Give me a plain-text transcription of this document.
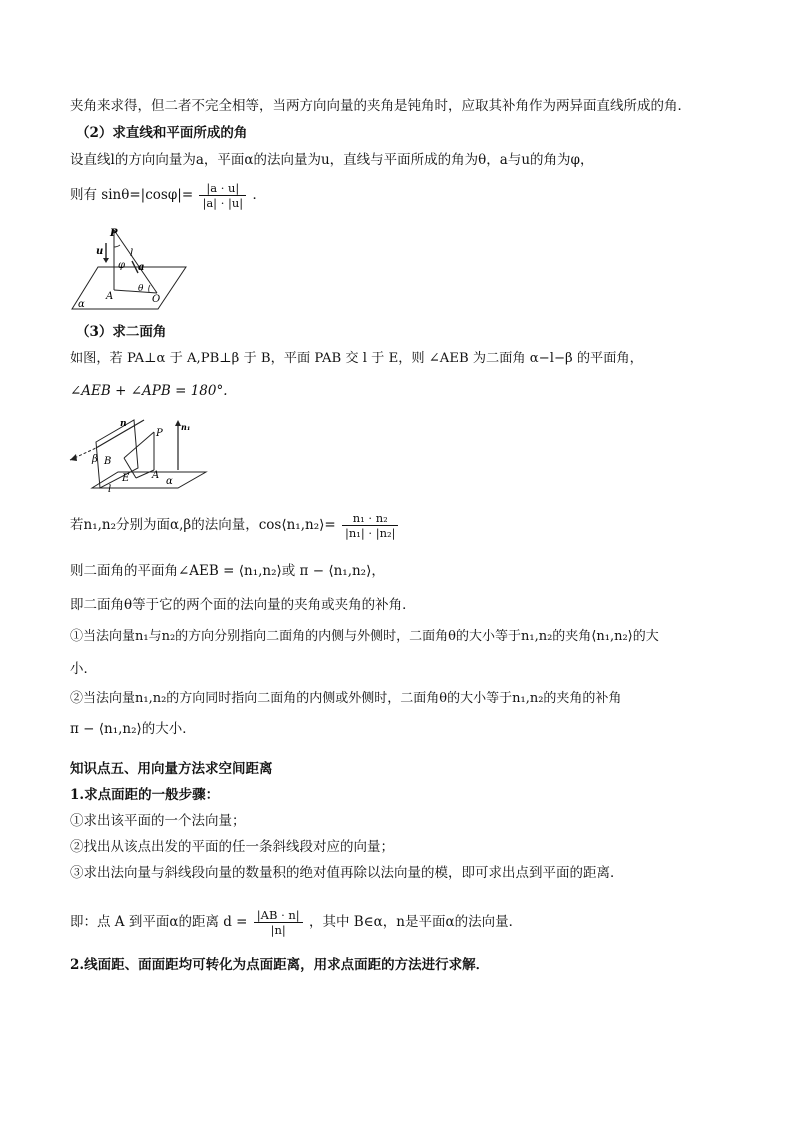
夹角来求得，但二者不完全相等，当两方向向量的夹角是钝角时，应取其补角作为两异面直线所成的角．
（2）求直线和平面所成的角
设直线l的方向向量为a，平面α的法向量为u，直线与平面所成的角为θ，a与u的角为φ，
则有 $\sin\theta=|\cos\varphi|= \frac{|a \cdot u|}{|a| \cdot |u|}$ ．
P
u	l
a
φ
A
θ
O
α
（3）求二面角
如图，若 PA⊥α 于 A,PB⊥β 于 B，平面 PAB 交 l 于 E，则 ∠AEB 为二面角 α−l−β 的平面角，
∠AEB + ∠APB = 180°.
n
P
n₁
β B
E A
α
l
若n₁,n₂分别为面α,β的法向量，cos⟨n₁,n₂⟩= $\frac{\text{n₁ · n₂}}{\text{|n₁| · |n₂|}}$
则二面角的平面角∠AEB = ⟨n₁,n₂⟩或 π − ⟨n₁,n₂⟩，
即二面角θ等于它的两个面的法向量的夹角或夹角的补角．
①当法向量n₁与n₂的方向分别指向二面角的内侧与外侧时，二面角θ的大小等于n₁,n₂的夹角⟨n₁,n₂⟩的大
小．
②当法向量n₁,n₂的方向同时指向二面角的内侧或外侧时，二面角θ的大小等于n₁,n₂的夹角的补角
π − ⟨n₁,n₂⟩的大小．
知识点五、用向量方法求空间距离
1.求点面距的一般步骤：
①求出该平面的一个法向量；
②找出从该点出发的平面的任一条斜线段对应的向量；
③求出法向量与斜线段向量的数量积的绝对值再除以法向量的模，即可求出点到平面的距离．
即：点 A 到平面α的距离 $d = \frac{|AB \cdot n|}{|n|}$ ，其中 B∈α，n是平面α的法向量．
2.线面距、面面距均可转化为点面距离，用求点面距的方法进行求解．
